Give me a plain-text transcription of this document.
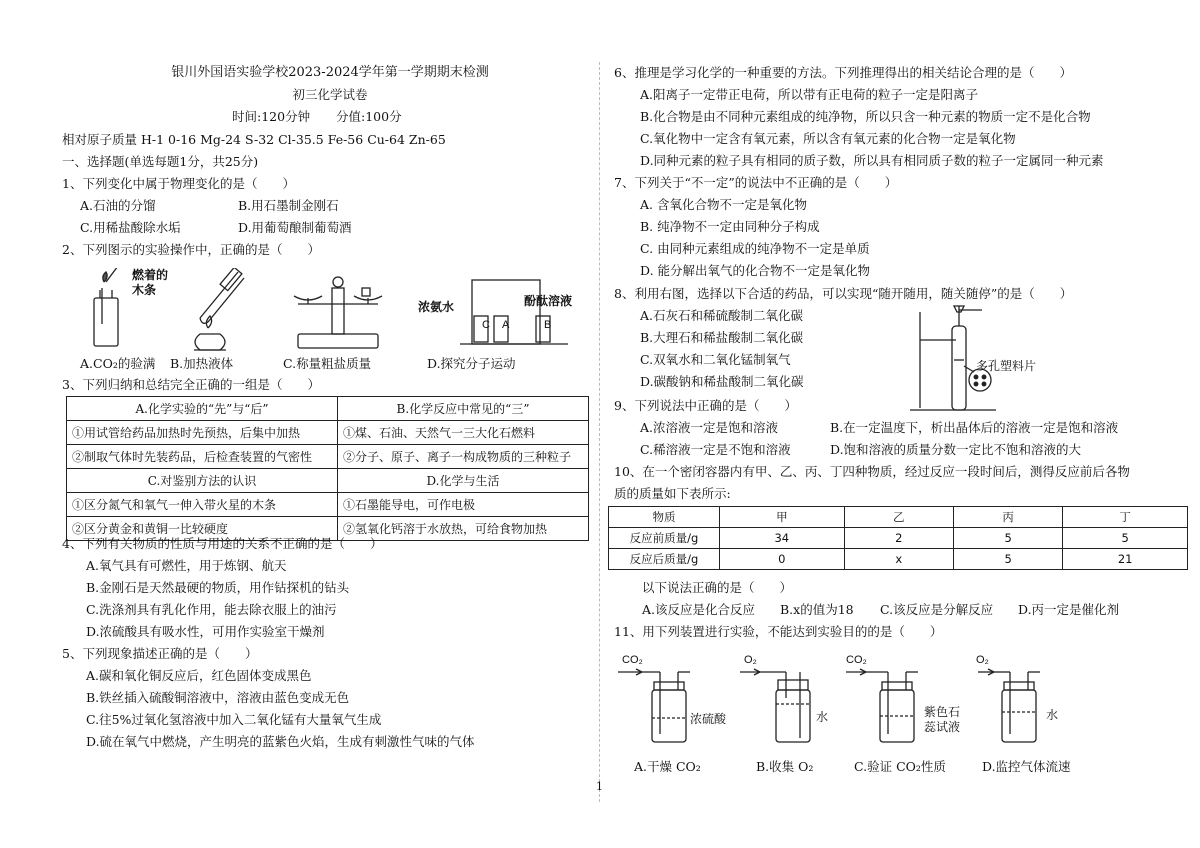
银川外国语实验学校2023-2024学年第一学期期末检测
初三化学试卷
时间:120分钟 分值:100分
相对原子质量 H-1 0-16 Mg-24 S-32 Cl-35.5 Fe-56 Cu-64 Zn-65
一、选择题(单选每题1分，共25分)
1、下列变化中属于物理变化的是（　　）
A.石油的分馏	B.用石墨制金刚石
C.用稀盐酸除水垢	D.用葡萄酿制葡萄酒
2、下列图示的实验操作中，正确的是（　　）
燃着的
木条
C A	B
浓氨水	酚酞溶液
A.CO₂的验满 B.加热液体	C.称量粗盐质量	D.探究分子运动
3、下列归纳和总结完全正确的一组是（　　）
A.化学实验的“先”与“后”	B.化学反应中常见的“三”
①用试管给药品加热时先预热，后集中加热	①煤、石油、天然气一三大化石燃料
②制取气体时先装药品，后检查装置的气密性	②分子、原子、离子一构成物质的三种粒子
C.对鉴别方法的认识	D.化学与生活
①区分氮气和氧气一伸入带火星的木条	①石墨能导电，可作电极
②区分黄金和黄铜一比较硬度	②氢氧化钙溶于水放热，可给食物加热
4、下列有关物质的性质与用途的关系不正确的是（　　）
A.氧气具有可燃性，用于炼钢、航天
B.金刚石是天然最硬的物质，用作钻探机的钻头
C.洗涤剂具有乳化作用，能去除衣服上的油污
D.浓硫酸具有吸水性，可用作实验室干燥剂
5、下列现象描述正确的是（　　）
A.碳和氧化铜反应后，红色固体变成黑色
B.铁丝插入硫酸铜溶液中，溶液由蓝色变成无色
C.往5%过氧化氢溶液中加入二氧化锰有大量氧气生成
D.硫在氧气中燃烧，产生明亮的蓝紫色火焰，生成有刺激性气味的气体
6、推理是学习化学的一种重要的方法。下列推理得出的相关结论合理的是（　　）
A.阳离子一定带正电荷，所以带有正电荷的粒子一定是阳离子
B.化合物是由不同种元素组成的纯净物，所以只含一种元素的物质一定不是化合物
C.氧化物中一定含有氧元素，所以含有氧元素的化合物一定是氧化物
D.同种元素的粒子具有相同的质子数，所以具有相同质子数的粒子一定属同一种元素
7、下列关于“不一定”的说法中不正确的是（　　）
A. 含氧化合物不一定是氧化物
B. 纯净物不一定由同种分子构成
C. 由同种元素组成的纯净物不一定是单质
D. 能分解出氧气的化合物不一定是氧化物
8、利用右图，选择以下合适的药品，可以实现“随开随用，随关随停”的是（　　）
A.石灰石和稀硫酸制二氧化碳
B.大理石和稀盐酸制二氧化碳
C.双氧水和二氧化锰制氧气
D.碳酸钠和稀盐酸制二氧化碳
多孔塑料片
9、下列说法中正确的是（　　）
A.浓溶液一定是饱和溶液	B.在一定温度下，析出晶体后的溶液一定是饱和溶液
C.稀溶液一定是不饱和溶液	D.饱和溶液的质量分数一定比不饱和溶液的大
10、在一个密闭容器内有甲、乙、丙、丁四种物质，经过反应一段时间后，测得反应前后各物
质的质量如下表所示:
物质	甲	乙	丙	丁
反应前质量/g	34	2	5	5
反应后质量/g	0	x	5	21
以下说法正确的是（　　）
A.该反应是化合反应 B.x的值为18 C.该反应是分解反应 D.丙一定是催化剂
11、用下列装置进行实验，不能达到实验目的的是（　　）
CO₂	O₂	CO₂	O₂
浓硫酸	水	紫色石
蕊试液
水
A.干燥 CO₂	B.收集 O₂	C.验证 CO₂性质	D.监控气体流速
1
